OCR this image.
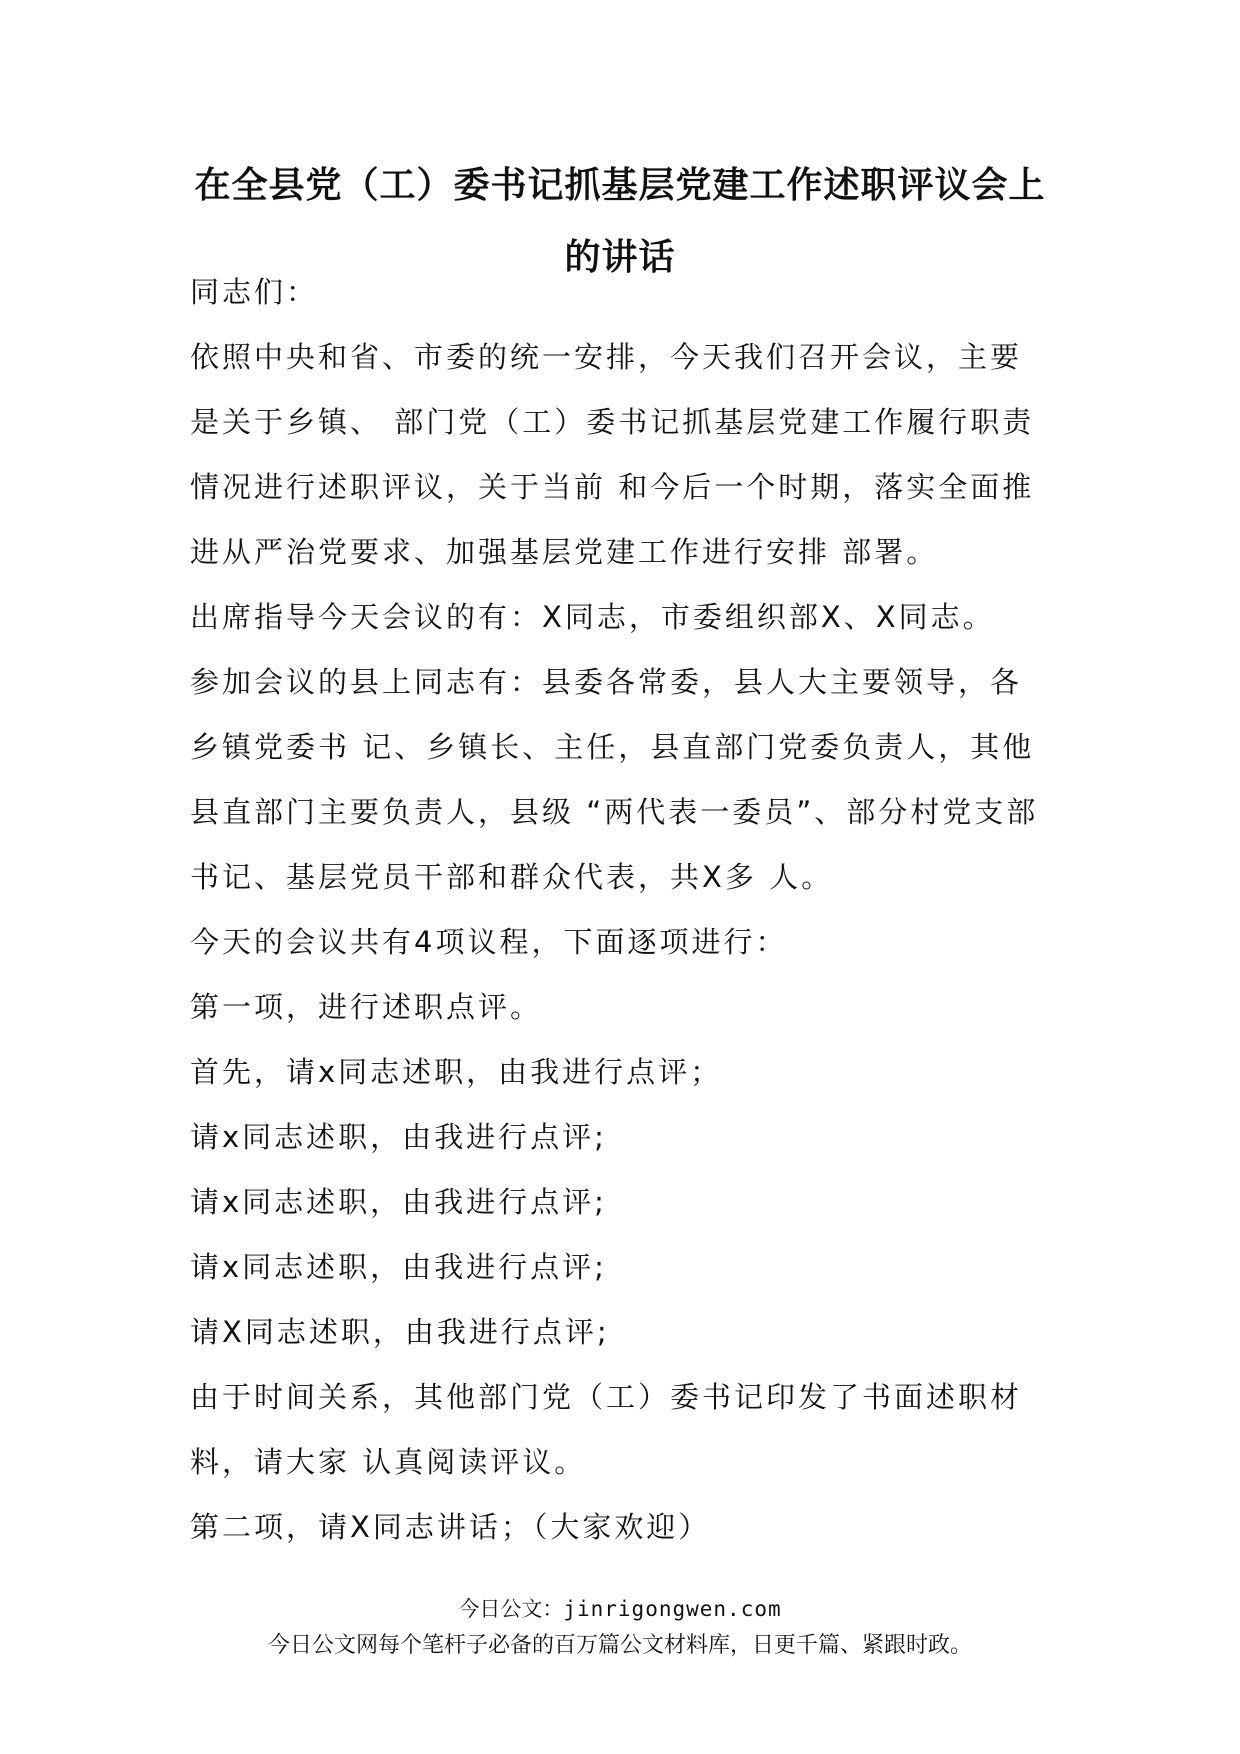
在全县党（工）委书记抓基层党建工作述职评议会上的讲话

同志们：

依照中央和省、市委的统一安排，今天我们召开会议，主要是关于乡镇、 部门党（工）委书记抓基层党建工作履行职责情况进行述职评议，关于当前 和今后一个时期，落实全面推进从严治党要求、加强基层党建工作进行安排 部署。

出席指导今天会议的有：X同志，市委组织部X、X同志。

参加会议的县上同志有：县委各常委，县人大主要领导，各乡镇党委书 记、乡镇长、主任，县直部门党委负责人，其他县直部门主要负责人，县级 “两代表一委员”、部分村党支部书记、基层党员干部和群众代表，共X多 人。

今天的会议共有4项议程，下面逐项进行：

第一项，进行述职点评。

首先，请x同志述职，由我进行点评；

请x同志述职，由我进行点评;

请x同志述职，由我进行点评;

请x同志述职，由我进行点评;

请X同志述职，由我进行点评;

由于时间关系，其他部门党（工）委书记印发了书面述职材料，请大家 认真阅读评议。

第二项，请X同志讲话；（大家欢迎）

今日公文：jinrigongwen.com
今日公文网每个笔杆子必备的百万篇公文材料库，日更千篇、紧跟时政。
